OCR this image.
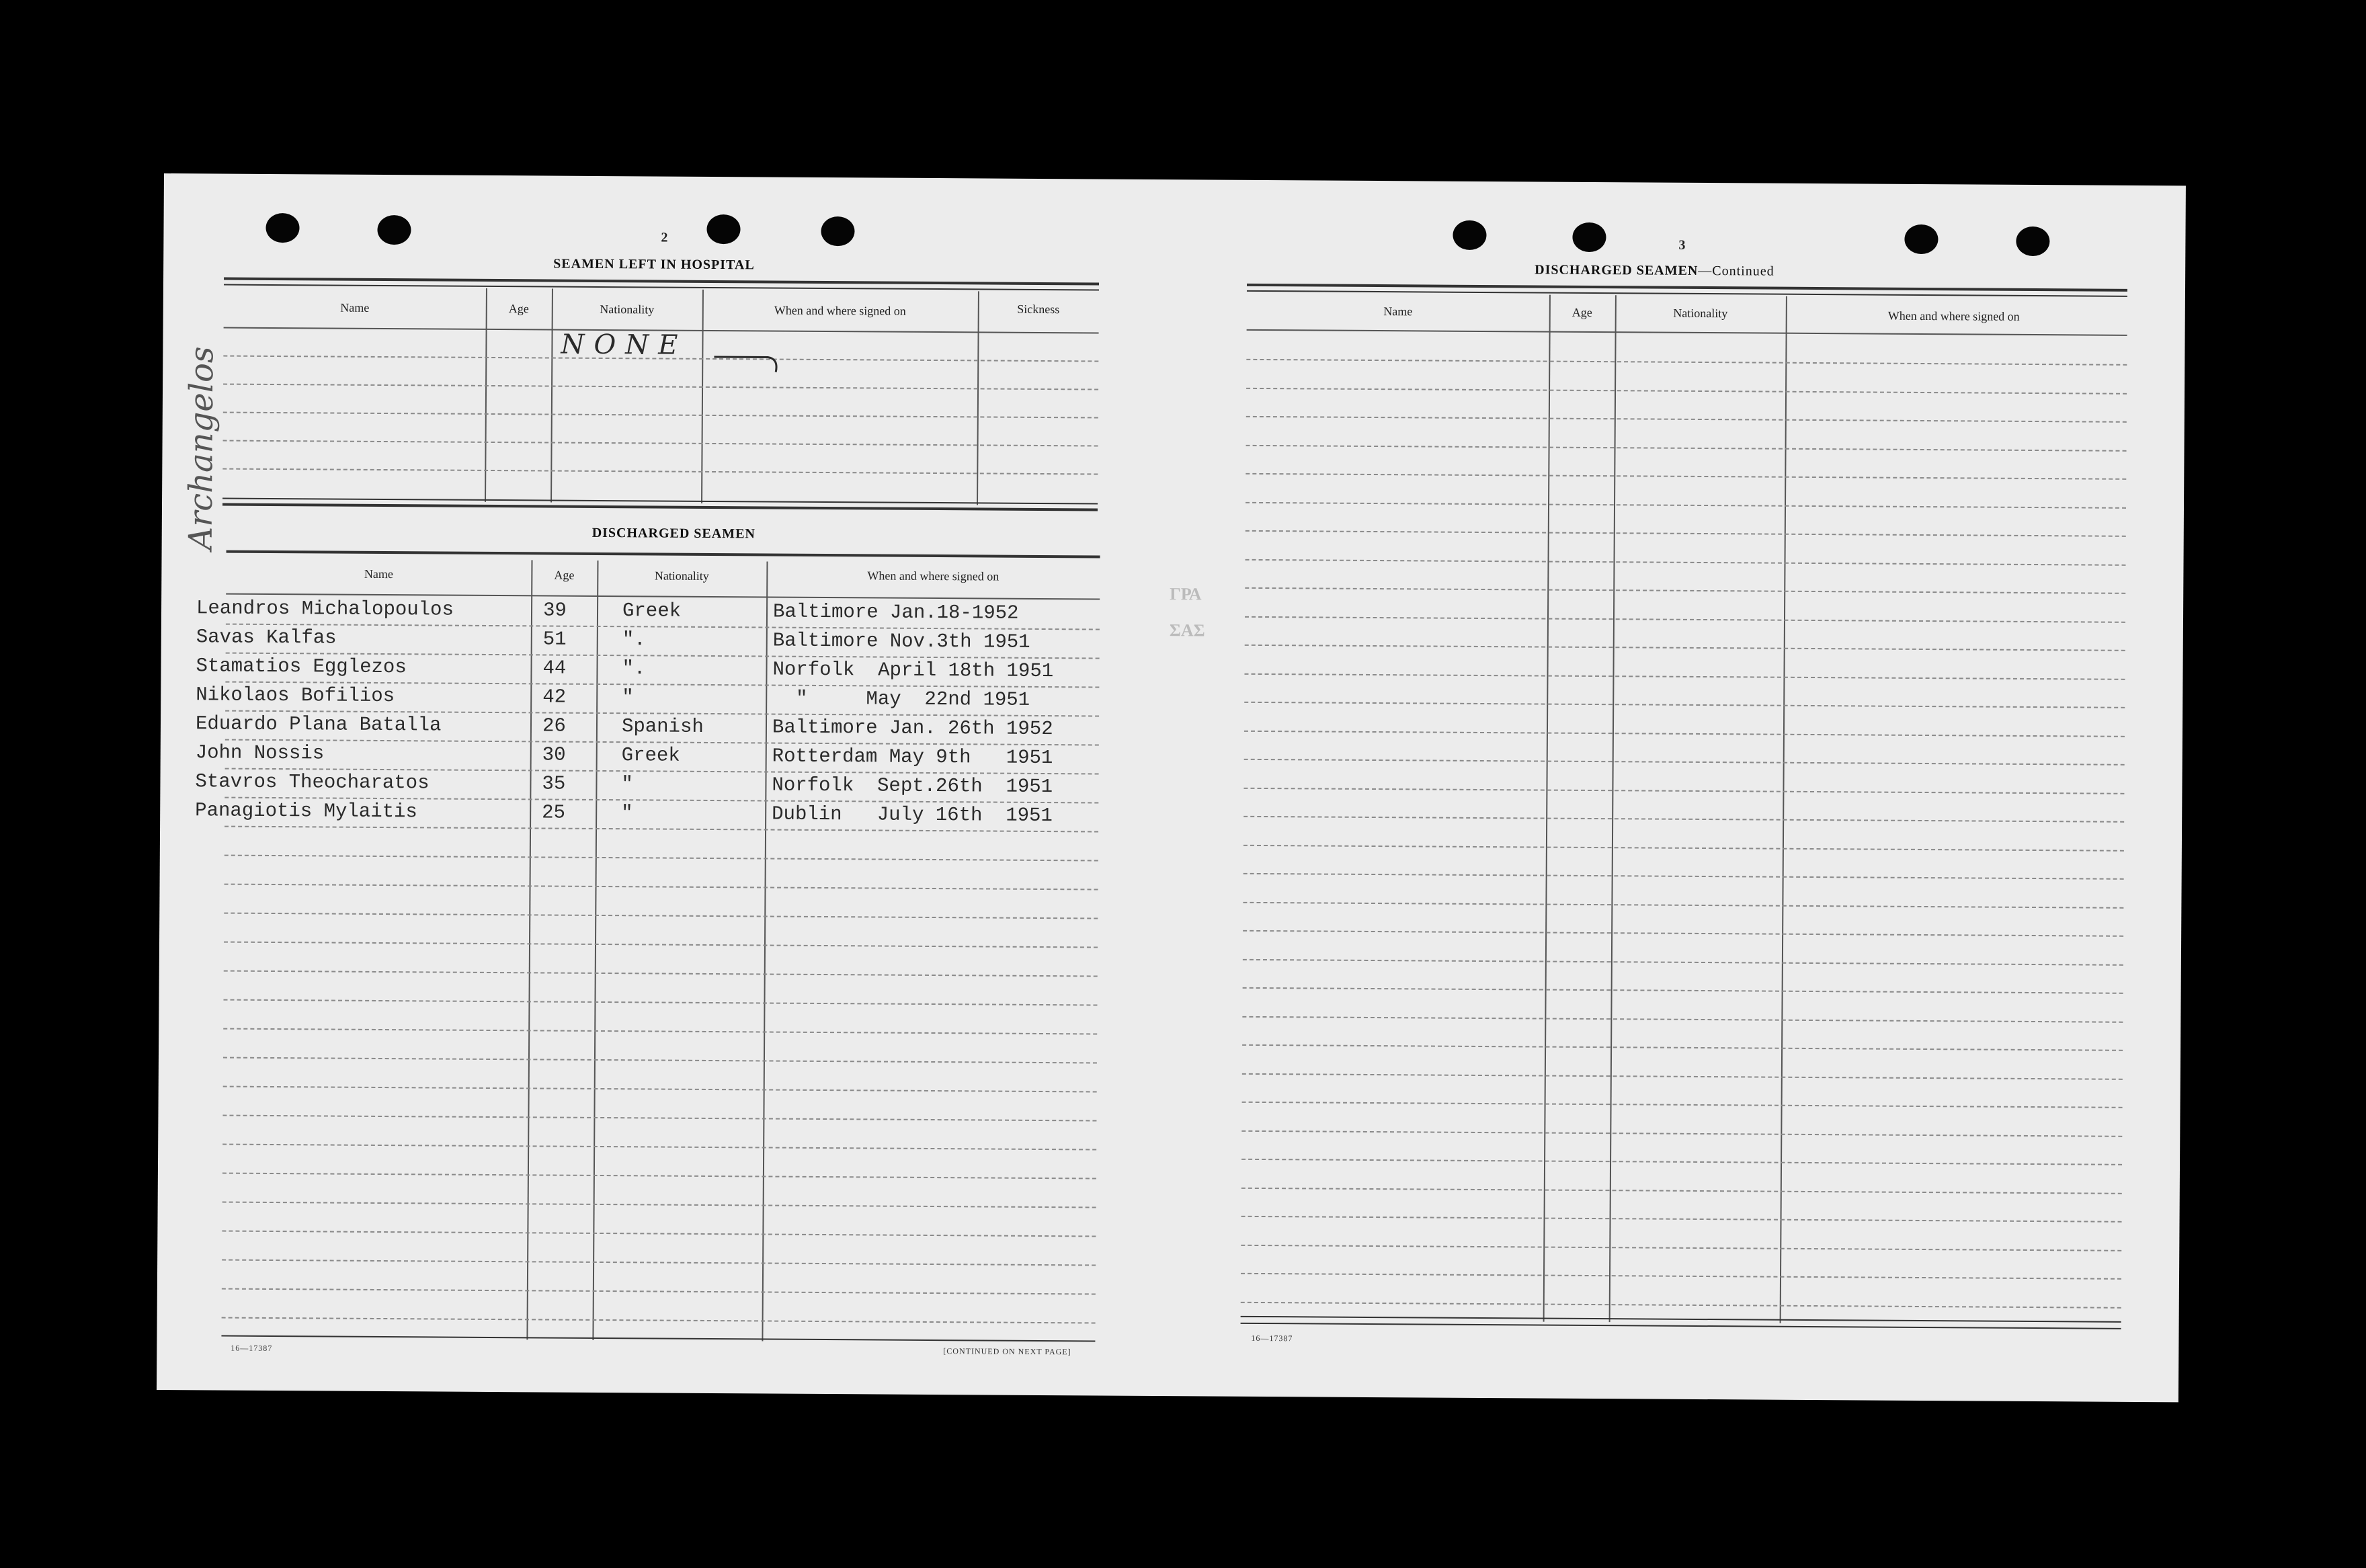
Archangelos
ΓΡΑ
ΣΑΣ
2
SEAMEN LEFT IN HOSPITAL
Name	Age	Nationality	When and where signed on	Sickness
NONE
DISCHARGED SEAMEN
Name	Age	Nationality	When and where signed on
Leandros Michalopoulos	39	Greek	Baltimore Jan.18-1952
Savas Kalfas	51	".	Baltimore Nov.3th 1951
Stamatios Egglezos	44	".	Norfolk  April 18th 1951
Nikolaos Bofilios	42	"	"     May  22nd 1951
Eduardo Plana Batalla	26	Spanish	Baltimore Jan. 26th 1952
John Nossis	30	Greek	Rotterdam May 9th   1951
Stavros Theocharatos	35	"	Norfolk  Sept.26th  1951
Panagiotis Mylaitis	25	"	Dublin   July 16th  1951
16—17387	[CONTINUED ON NEXT PAGE]
3
DISCHARGED SEAMEN—Continued
Name	Age	Nationality	When and where signed on
16—17387
